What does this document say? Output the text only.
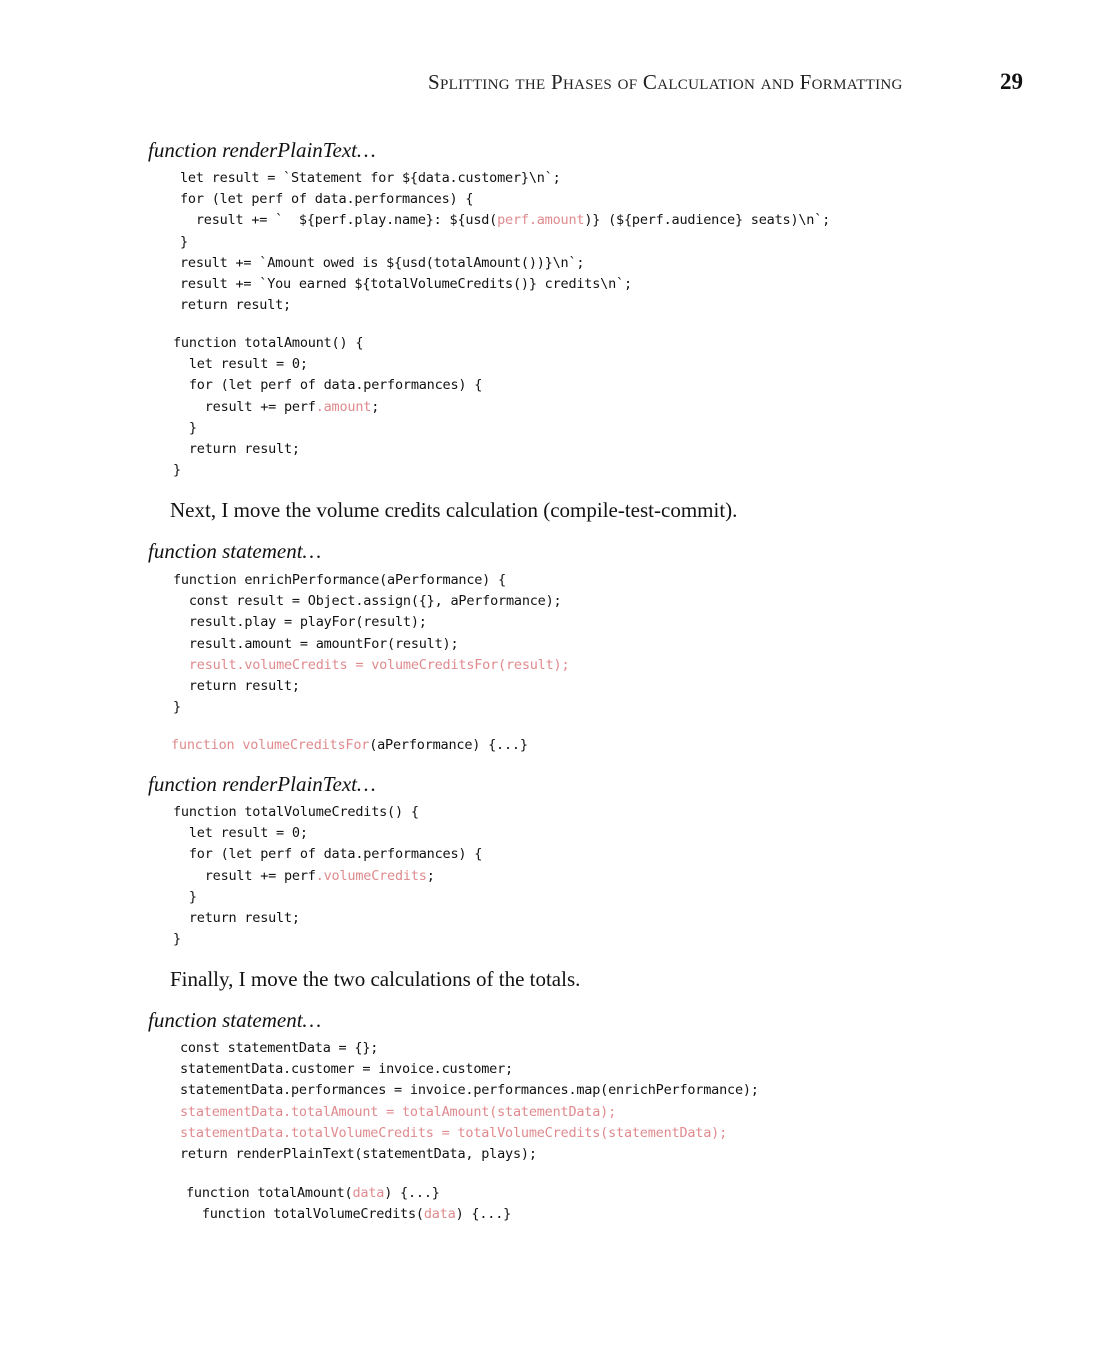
Splitting the Phases of Calculation and Formatting	29
function renderPlainText…
let result = `Statement for ${data.customer}\n`;
for (let perf of data.performances) {
result += `  ${perf.play.name}: ${usd(perf.amount)} (${perf.audience} seats)\n`;
}
result += `Amount owed is ${usd(totalAmount())}\n`;
result += `You earned ${totalVolumeCredits()} credits\n`;
return result;
function totalAmount() {
let result = 0;
for (let perf of data.performances) {
result += perf.amount;
}
return result;
}
Next, I move the volume credits calculation (compile-test-commit).
function statement…
function enrichPerformance(aPerformance) {
const result = Object.assign({}, aPerformance);
result.play = playFor(result);
result.amount = amountFor(result);
result.volumeCredits = volumeCreditsFor(result);
return result;
}
function volumeCreditsFor(aPerformance) {...}
function renderPlainText…
function totalVolumeCredits() {
let result = 0;
for (let perf of data.performances) {
result += perf.volumeCredits;
}
return result;
}
Finally, I move the two calculations of the totals.
function statement…
const statementData = {};
statementData.customer = invoice.customer;
statementData.performances = invoice.performances.map(enrichPerformance);
statementData.totalAmount = totalAmount(statementData);
statementData.totalVolumeCredits = totalVolumeCredits(statementData);
return renderPlainText(statementData, plays);
function totalAmount(data) {...}
function totalVolumeCredits(data) {...}
